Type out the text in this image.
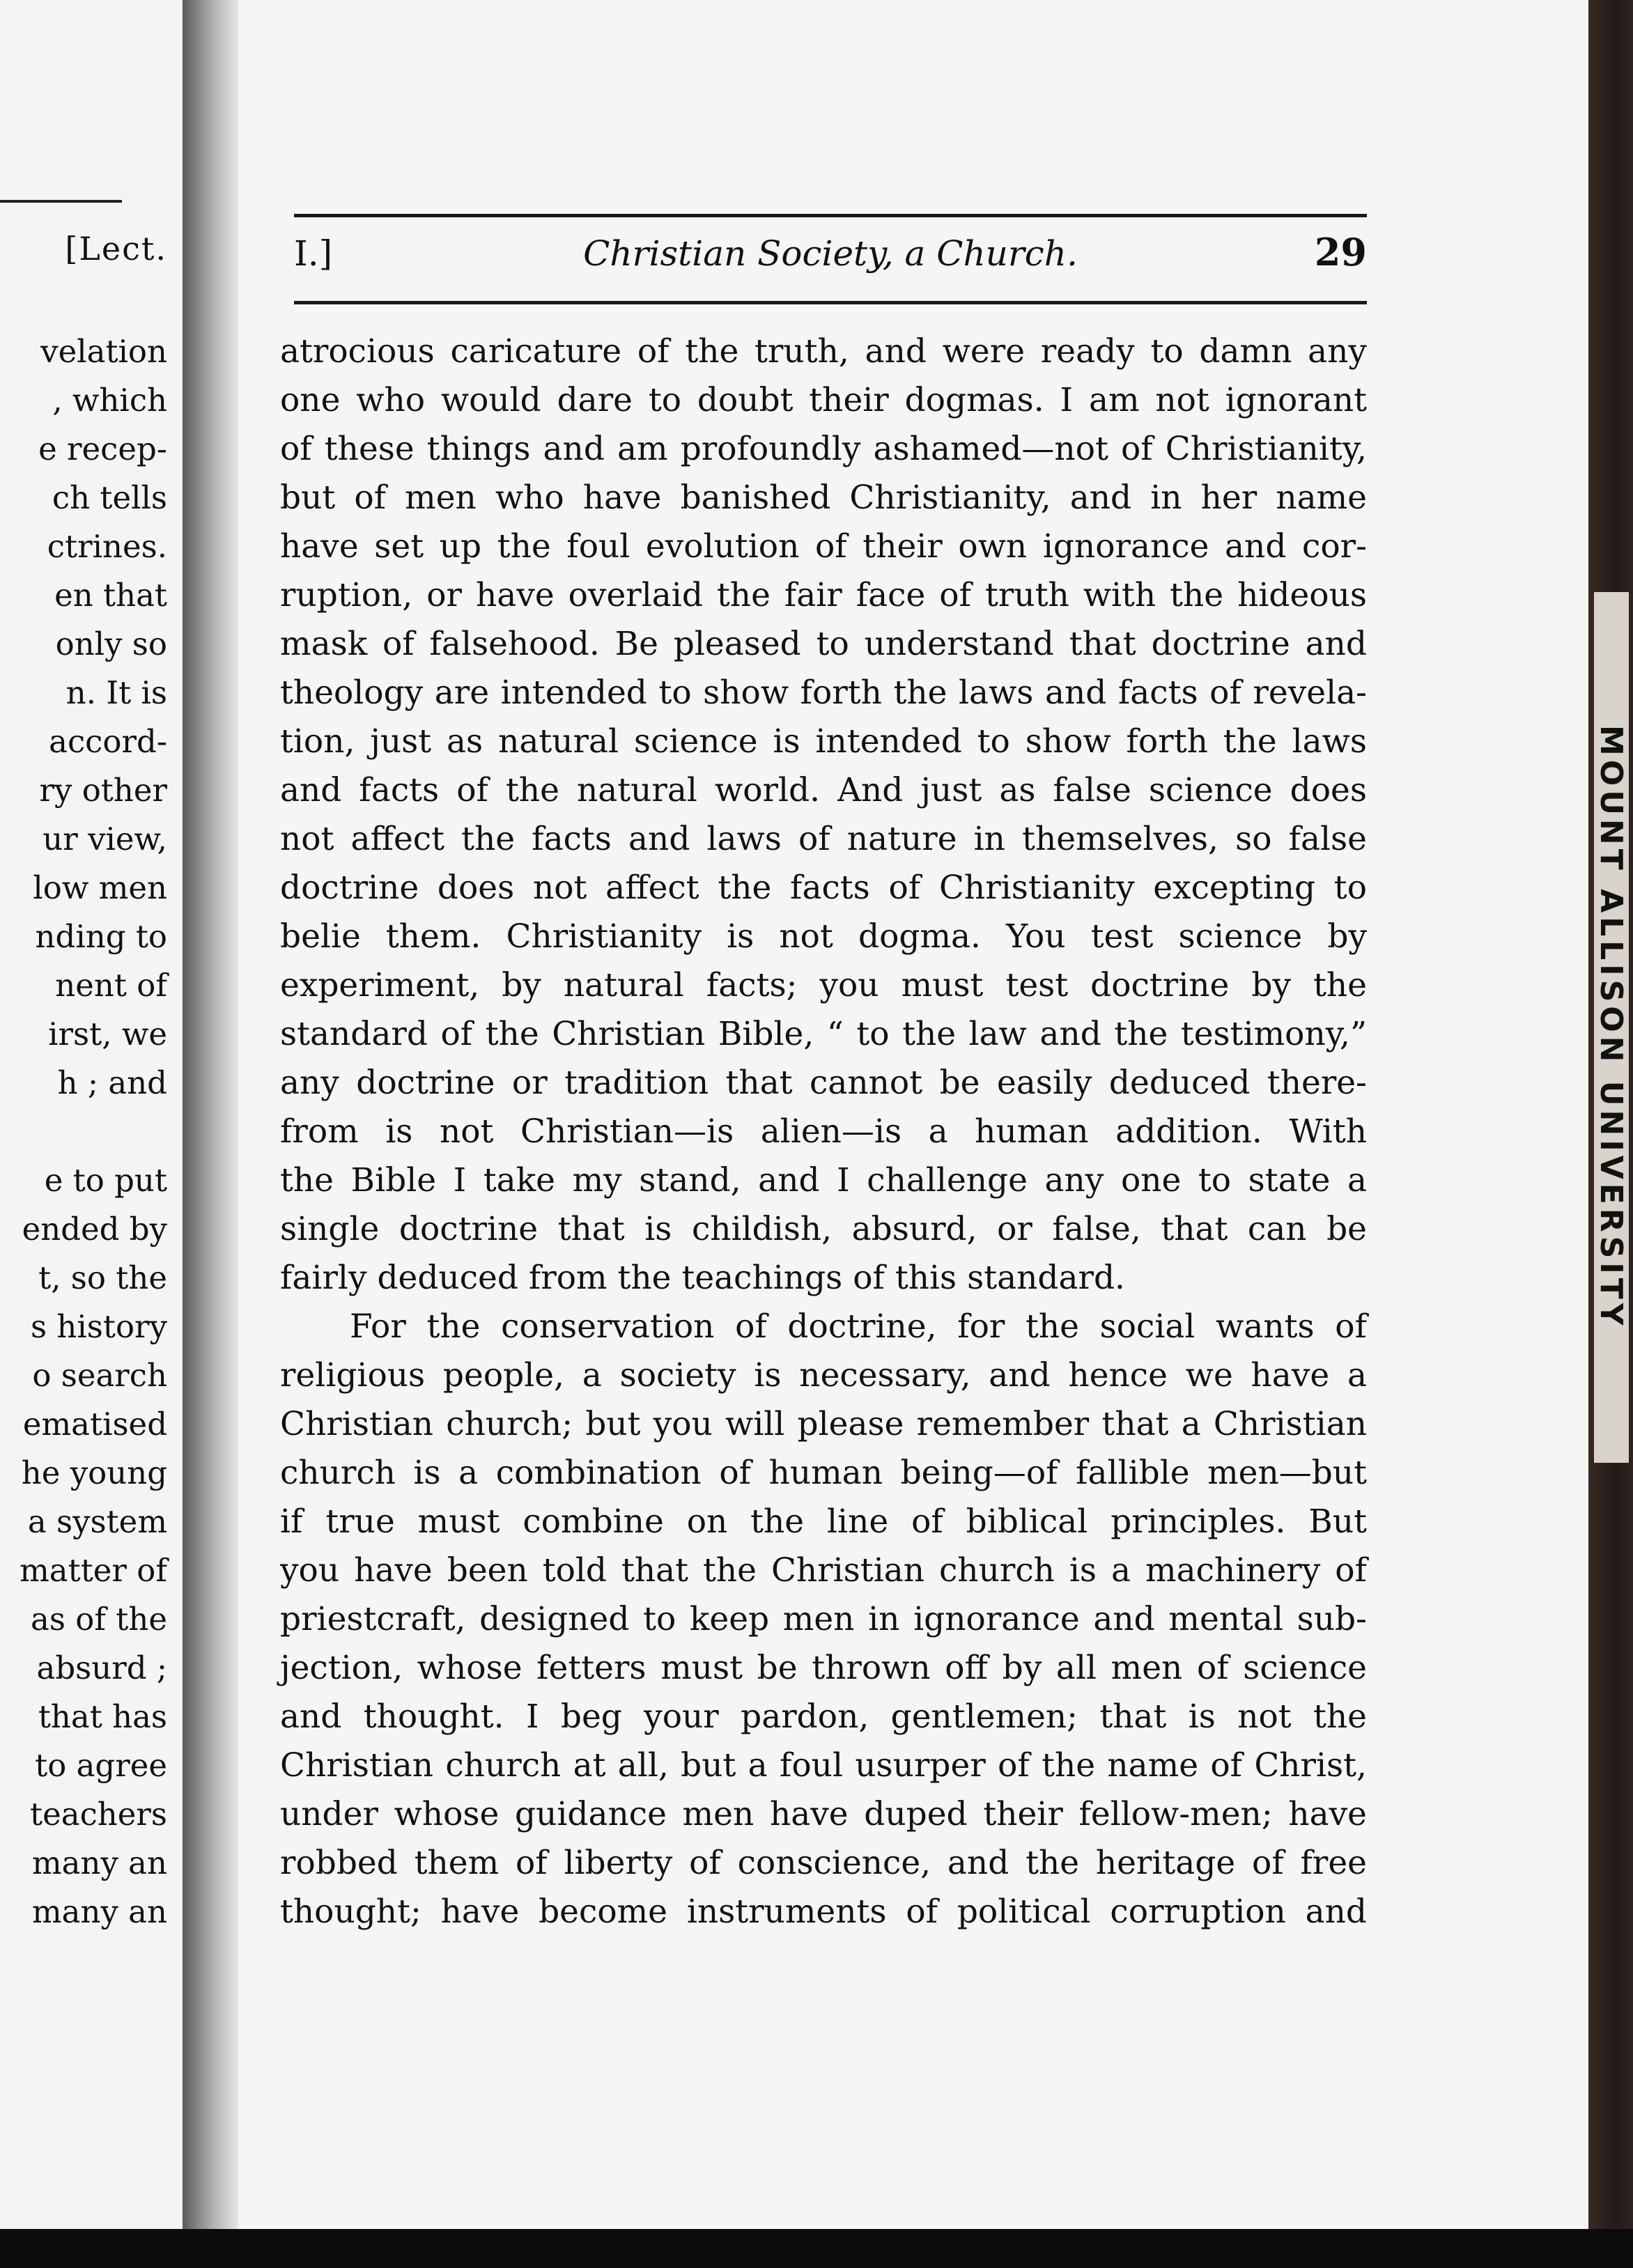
[Lect.

velation
, which
e recep-
ch tells
ctrines.
en that
only so
n. It is
accord-
ry other
ur view,
low men
nding to
nent of
irst, we
h ; and
e to put
ended by
t, so the
s history
o search
ematised
he young
a system
matter of
as of the
absurd ;
that has
to agree
teachers
many an
many an
I.]	Christian Society, a Church.	29
atrocious caricature of the truth, and were ready to damn any
one who would dare to doubt their dogmas. I am not ignorant
of these things and am profoundly ashamed—not of Christianity,
but of men who have banished Christianity, and in her name
have set up the foul evolution of their own ignorance and cor-
ruption, or have overlaid the fair face of truth with the hideous
mask of falsehood. Be pleased to understand that doctrine and
theology are intended to show forth the laws and facts of revela-
tion, just as natural science is intended to show forth the laws
and facts of the natural world. And just as false science does
not affect the facts and laws of nature in themselves, so false
doctrine does not affect the facts of Christianity excepting to
belie them. Christianity is not dogma. You test science by
experiment, by natural facts; you must test doctrine by the
standard of the Christian Bible, “ to the law and the testimony,”
any doctrine or tradition that cannot be easily deduced there-
from is not Christian—is alien—is a human addition. With
the Bible I take my stand, and I challenge any one to state a
single doctrine that is childish, absurd, or false, that can be
fairly deduced from the teachings of this standard.
For the conservation of doctrine, for the social wants of
religious people, a society is necessary, and hence we have a
Christian church; but you will please remember that a Christian
church is a combination of human being—of fallible men—but
if true must combine on the line of biblical principles. But
you have been told that the Christian church is a machinery of
priestcraft, designed to keep men in ignorance and mental sub-
jection, whose fetters must be thrown off by all men of science
and thought. I beg your pardon, gentlemen; that is not the
Christian church at all, but a foul usurper of the name of Christ,
under whose guidance men have duped their fellow-men; have
robbed them of liberty of conscience, and the heritage of free
thought; have become instruments of political corruption and
MOUNT ALLISON UNIVERSITY
